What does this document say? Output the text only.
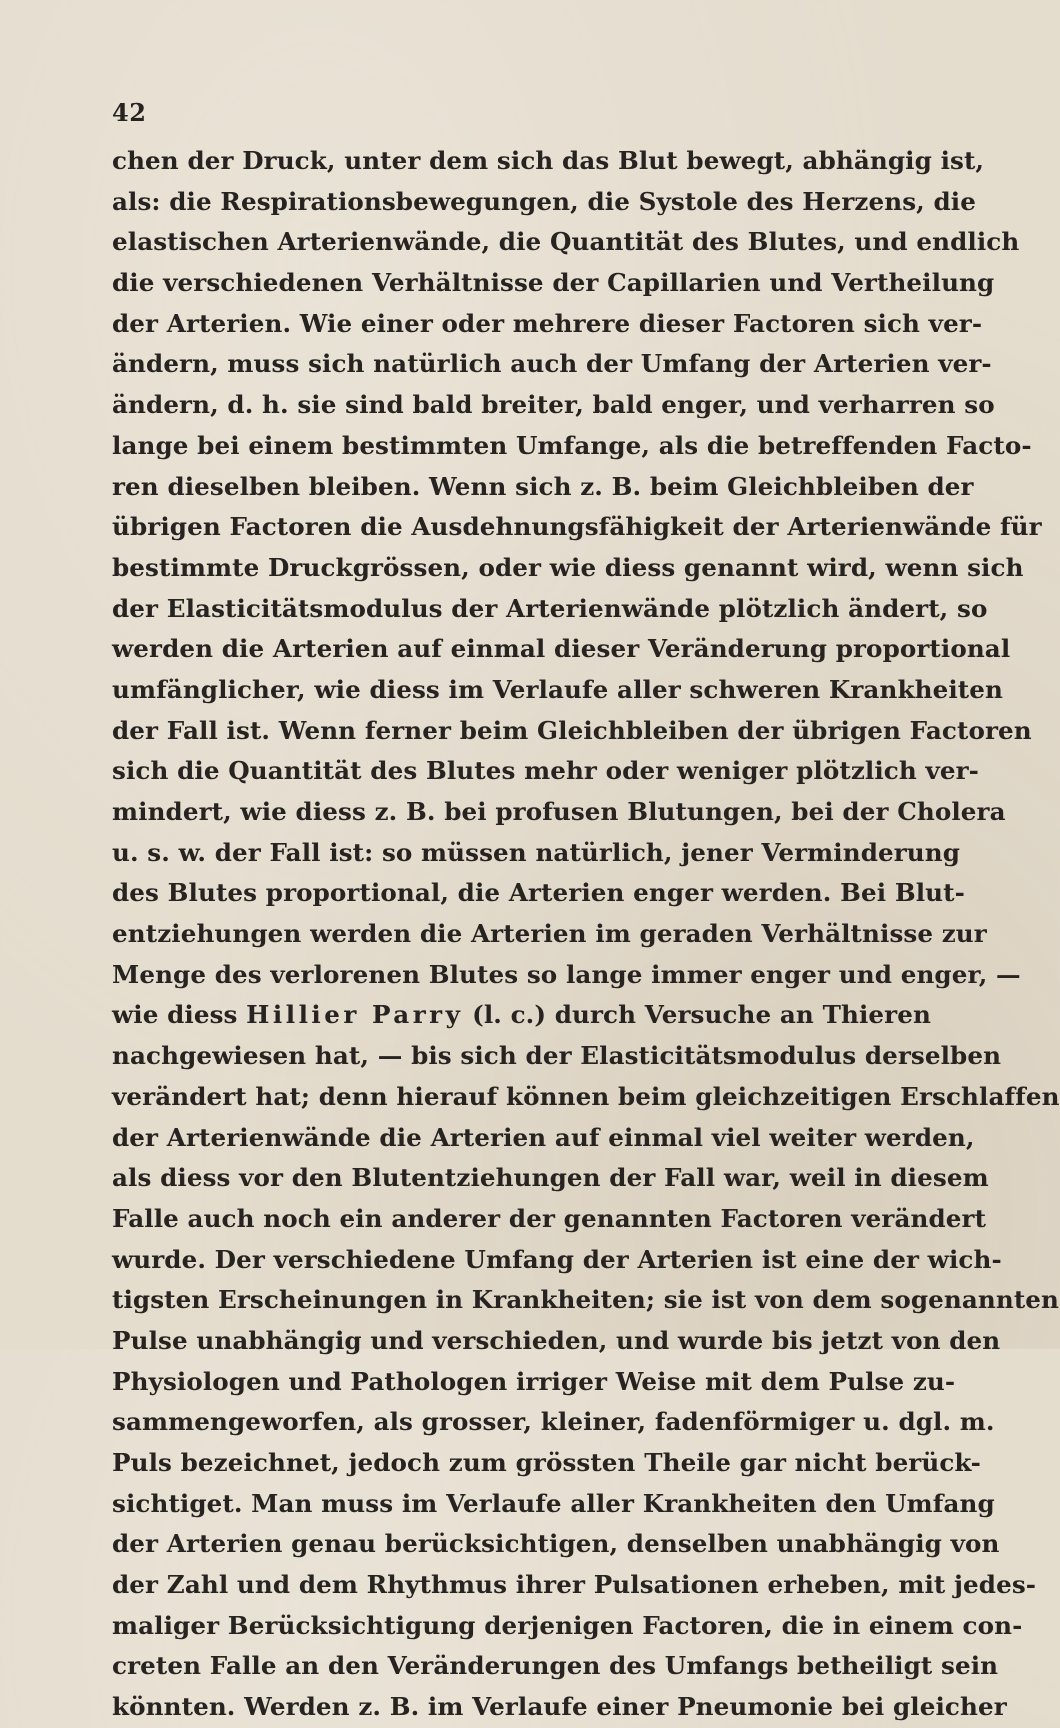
42
chen der Druck, unter dem sich das Blut bewegt, abhängig ist,
als: die Respirationsbewegungen, die Systole des Herzens, die
elastischen Arterienwände, die Quantität des Blutes, und endlich
die verschiedenen Verhältnisse der Capillarien und Vertheilung
der Arterien. Wie einer oder mehrere dieser Factoren sich ver-
ändern, muss sich natürlich auch der Umfang der Arterien ver-
ändern, d. h. sie sind bald breiter, bald enger, und verharren so
lange bei einem bestimmten Umfange, als die betreffenden Facto-
ren dieselben bleiben. Wenn sich z. B. beim Gleichbleiben der
übrigen Factoren die Ausdehnungsfähigkeit der Arterienwände für
bestimmte Druckgrössen, oder wie diess genannt wird, wenn sich
der Elasticitätsmodulus der Arterienwände plötzlich ändert, so
werden die Arterien auf einmal dieser Veränderung proportional
umfänglicher, wie diess im Verlaufe aller schweren Krankheiten
der Fall ist. Wenn ferner beim Gleichbleiben der übrigen Factoren
sich die Quantität des Blutes mehr oder weniger plötzlich ver-
mindert, wie diess z. B. bei profusen Blutungen, bei der Cholera
u. s. w. der Fall ist: so müssen natürlich, jener Verminderung
des Blutes proportional, die Arterien enger werden. Bei Blut-
entziehungen werden die Arterien im geraden Verhältnisse zur
Menge des verlorenen Blutes so lange immer enger und enger, —
wie diess Hillier Parry (l. c.) durch Versuche an Thieren
nachgewiesen hat, — bis sich der Elasticitätsmodulus derselben
verändert hat; denn hierauf können beim gleichzeitigen Erschlaffen
der Arterienwände die Arterien auf einmal viel weiter werden,
als diess vor den Blutentziehungen der Fall war, weil in diesem
Falle auch noch ein anderer der genannten Factoren verändert
wurde. Der verschiedene Umfang der Arterien ist eine der wich-
tigsten Erscheinungen in Krankheiten; sie ist von dem sogenannten
Pulse unabhängig und verschieden, und wurde bis jetzt von den
Physiologen und Pathologen irriger Weise mit dem Pulse zu-
sammengeworfen, als grosser, kleiner, fadenförmiger u. dgl. m.
Puls bezeichnet, jedoch zum grössten Theile gar nicht berück-
sichtiget. Man muss im Verlaufe aller Krankheiten den Umfang
der Arterien genau berücksichtigen, denselben unabhängig von
der Zahl und dem Rhythmus ihrer Pulsationen erheben, mit jedes-
maliger Berücksichtigung derjenigen Factoren, die in einem con-
creten Falle an den Veränderungen des Umfangs betheiligt sein
könnten. Werden z. B. im Verlaufe einer Pneumonie bei gleicher
